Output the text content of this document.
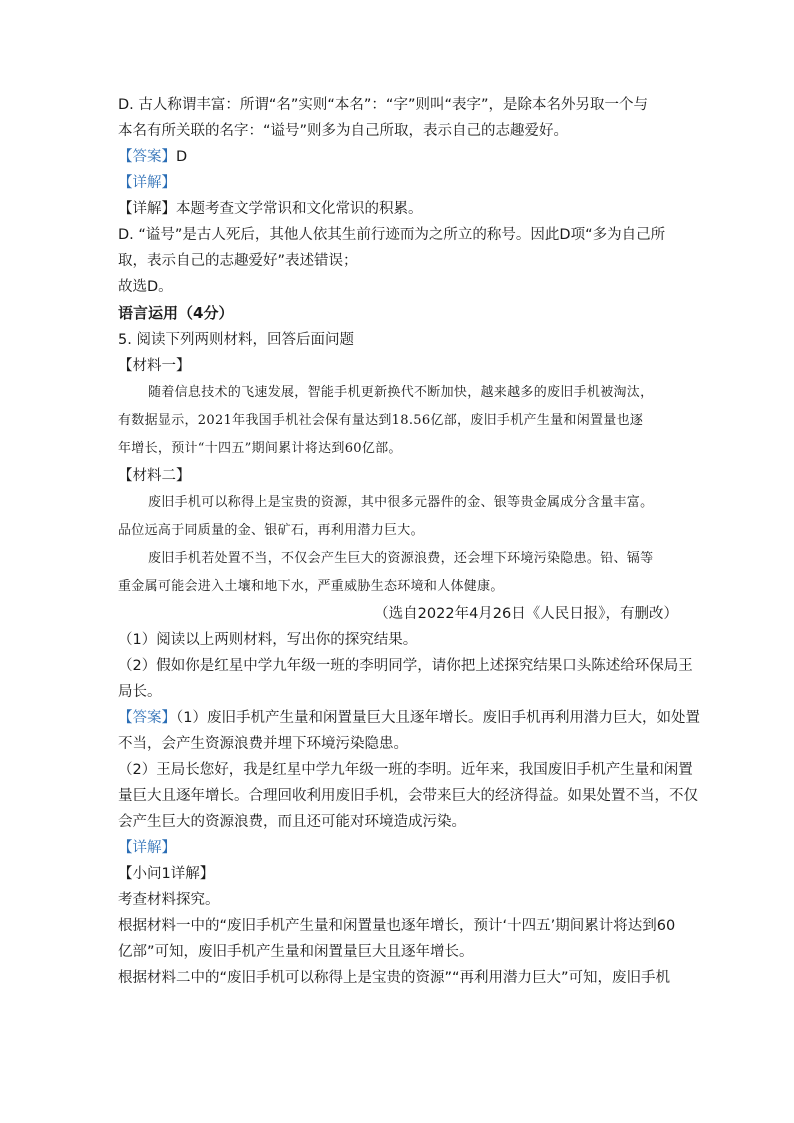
D. 古人称谓丰富：所谓“名”实则“本名”：“字”则叫“表字”，是除本名外另取一个与
本名有所关联的名字：“谥号”则多为自己所取，表示自己的志趣爱好。
【答案】D
【详解】
【详解】本题考查文学常识和文化常识的积累。
D. “谥号”是古人死后，其他人依其生前行迹而为之所立的称号。因此D项“多为自己所
取，表示自己的志趣爱好”表述错误；
故选D。
语言运用（4分）
5. 阅读下列两则材料，回答后面问题
【材料一】
随着信息技术的飞速发展，智能手机更新换代不断加快，越来越多的废旧手机被淘汰，
有数据显示，2021年我国手机社会保有量达到18.56亿部，废旧手机产生量和闲置量也逐
年增长，预计“十四五”期间累计将达到60亿部。
【材料二】
废旧手机可以称得上是宝贵的资源，其中很多元器件的金、银等贵金属成分含量丰富。
品位远高于同质量的金、银矿石，再利用潜力巨大。
废旧手机若处置不当，不仅会产生巨大的资源浪费，还会埋下环境污染隐患。铅、镉等
重金属可能会进入土壤和地下水，严重威胁生态环境和人体健康。
（选自2022年4月26日《人民日报》，有删改）
（1）阅读以上两则材料，写出你的探究结果。
（2）假如你是红星中学九年级一班的李明同学，请你把上述探究结果口头陈述给环保局王
局长。
【答案】（1）废旧手机产生量和闲置量巨大且逐年增长。废旧手机再利用潜力巨大，如处置
不当，会产生资源浪费并埋下环境污染隐患。
（2）王局长您好，我是红星中学九年级一班的李明。近年来，我国废旧手机产生量和闲置
量巨大且逐年增长。合理回收利用废旧手机，会带来巨大的经济得益。如果处置不当，不仅
会产生巨大的资源浪费，而且还可能对环境造成污染。
【详解】
【小问1详解】
考查材料探究。
根据材料一中的“废旧手机产生量和闲置量也逐年增长，预计‘十四五’期间累计将达到60
亿部”可知，废旧手机产生量和闲置量巨大且逐年增长。
根据材料二中的“废旧手机可以称得上是宝贵的资源”“再利用潜力巨大”可知，废旧手机
